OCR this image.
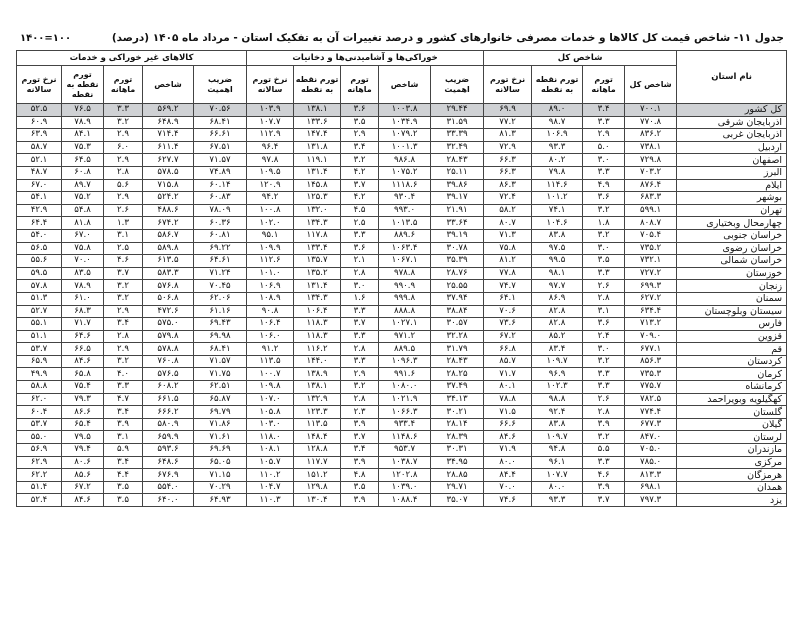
جدول ۱۱- شاخص قیمت کل کالاها و خدمات مصرفی خانوارهای کشور و درصد تغییرات آن به تفکیک استان - مرداد ماه ۱۴۰۵ (درصد)
۱۴۰۰=۱۰۰
نام استان	شاخص کل				خوراکی‌ها و آشامیدنی‌ها و دخانیات					کالاهای غیر خوراکی و خدمات				
	شاخص کل	تورم ماهانه	تورم نقطه به نقطه	نرخ تورم سالانه	ضریب اهمیت	شاخص	تورم ماهانه	تورم نقطه به نقطه	نرخ تورم سالانه	ضریب اهمیت	شاخص	تورم ماهانه	تورم نقطه به نقطه	نرخ تورم سالانه
کل کشور	۷۰۰.۱	۳.۴	۸۹.۰	۶۹.۹	۲۹.۴۴	۱۰۰۳.۸	۳.۶	۱۳۸.۱	۱۰۳.۹	۷۰.۵۶	۵۶۹.۲	۳.۳	۷۶.۵	۵۲.۵
آذربایجان شرقی	۷۷۰.۸	۳.۳	۹۸.۷	۷۷.۲	۳۱.۵۹	۱۰۳۴.۹	۳.۵	۱۳۳.۶	۱۰۷.۷	۶۸.۴۱	۶۴۸.۹	۳.۲	۷۸.۹	۶۰.۹
آذربایجان غربی	۸۳۶.۲	۲.۹	۱۰۶.۹	۸۱.۳	۳۳.۳۹	۱۰۷۹.۲	۲.۹	۱۴۷.۴	۱۱۲.۹	۶۶.۶۱	۷۱۴.۴	۲.۹	۸۴.۱	۶۳.۹
اردبیل	۷۳۸.۱	۵.۰	۹۳.۳	۷۲.۹	۳۲.۴۹	۱۰۰۱.۳	۳.۴	۱۳۱.۸	۹۶.۴	۶۷.۵۱	۶۱۱.۴	۶.۰	۷۵.۳	۵۸.۷
اصفهان	۷۲۹.۸	۳.۰	۸۰.۲	۶۶.۳	۲۸.۴۳	۹۸۶.۸	۳.۲	۱۱۹.۱	۹۷.۸	۷۱.۵۷	۶۲۷.۷	۲.۹	۶۴.۵	۵۲.۱
البرز	۷۰۳.۲	۳.۳	۷۹.۸	۶۶.۳	۲۵.۱۱	۱۰۷۵.۲	۴.۲	۱۳۱.۴	۱۰۹.۵	۷۴.۸۹	۵۷۸.۵	۲.۸	۶۰.۸	۴۸.۷
ایلام	۸۷۶.۴	۴.۹	۱۱۴.۶	۸۶.۳	۳۹.۸۶	۱۱۱۸.۶	۳.۷	۱۴۵.۸	۱۲۰.۹	۶۰.۱۴	۷۱۵.۸	۵.۶	۸۹.۷	۶۷.۰
بوشهر	۶۸۳.۳	۳.۶	۱۰۱.۲	۷۲.۴	۳۹.۱۷	۹۳۰.۴	۴.۲	۱۲۵.۳	۹۴.۲	۶۰.۸۳	۵۲۴.۲	۲.۹	۷۵.۲	۵۴.۱
تهران	۵۹۹.۱	۳.۲	۷۴.۱	۵۸.۲	۲۱.۹۱	۹۹۳.۰	۴.۵	۱۳۲.۰	۱۰۰.۸	۷۸.۰۹	۴۸۸.۶	۲.۶	۵۴.۸	۴۲.۹
چهارمحال وبختیاری	۸۰۸.۷	۱.۸	۱۰۴.۶	۸۰.۷	۳۳.۶۴	۱۰۱۳.۵	۲.۵	۱۳۴.۳	۱۰۲.۰	۶۰.۳۶	۶۷۴.۲	۱.۳	۸۱.۸	۶۴.۴
خراسان جنوبی	۷۰۵.۴	۳.۲	۸۳.۸	۷۱.۳	۳۹.۱۹	۸۸۹.۶	۳.۳	۱۱۷.۸	۹۵.۱	۶۰.۸۱	۵۸۶.۷	۳.۱	۶۷.۰	۵۴.۰
خراسان رضوی	۷۳۵.۲	۳.۰	۹۷.۵	۷۵.۸	۳۰.۷۸	۱۰۶۳.۴	۳.۶	۱۳۳.۴	۱۰۹.۹	۶۹.۲۲	۵۸۹.۸	۲.۵	۷۵.۸	۵۶.۵
خراسان شمالی	۷۳۲.۱	۳.۵	۹۹.۵	۸۱.۲	۳۵.۳۹	۱۰۶۷.۱	۲.۱	۱۳۵.۷	۱۱۲.۶	۶۴.۶۱	۶۱۳.۵	۴.۶	۷۰.۰	۵۵.۶
خوزستان	۷۲۷.۲	۳.۳	۹۸.۱	۷۷.۸	۲۸.۷۶	۹۷۸.۸	۲.۸	۱۳۵.۲	۱۰۱.۰	۷۱.۲۴	۵۸۳.۳	۳.۷	۸۳.۵	۵۹.۵
زنجان	۶۹۹.۳	۲.۶	۹۷.۷	۷۴.۷	۲۵.۵۵	۹۹۰.۹	۳.۰	۱۳۱.۴	۱۰۶.۹	۷۰.۴۵	۵۷۶.۸	۳.۲	۷۸.۹	۵۷.۸
سمنان	۶۲۷.۲	۲.۸	۸۶.۹	۶۴.۱	۳۷.۹۴	۹۹۹.۸	۱.۶	۱۳۴.۳	۱۰۸.۹	۶۲.۰۶	۵۰۶.۸	۳.۲	۶۱.۰	۵۱.۳
سیستان وبلوچستان	۶۳۴.۴	۳.۱	۸۲.۸	۷۰.۶	۳۸.۸۴	۸۸۸.۸	۳.۳	۱۰۶.۴	۹۰.۸	۶۱.۱۶	۴۷۲.۶	۲.۹	۶۸.۳	۵۲.۷
فارس	۷۱۳.۲	۳.۶	۸۲.۸	۷۳.۶	۳۰.۵۷	۱۰۲۷.۱	۳.۷	۱۱۸.۳	۱۰۶.۴	۶۹.۴۳	۵۷۵.۰	۳.۴	۷۱.۷	۵۵.۱
قزوین	۷۰۹.۰	۲.۴	۸۵.۲	۶۷.۲	۳۲.۲۸	۹۷۱.۲	۳.۳	۱۱۸.۳	۱۰۶.۰	۶۹.۹۸	۵۷۹.۸	۲.۸	۶۴.۶	۵۱.۱
قم	۶۷۷.۱	۳.۰	۸۳.۴	۶۶.۸	۳۱.۷۹	۸۸۹.۵	۲.۸	۱۱۶.۲	۹۱.۲	۶۸.۴۱	۵۷۸.۸	۲.۹	۶۶.۵	۵۳.۷
کردستان	۸۵۶.۳	۳.۲	۱۰۹.۷	۸۵.۷	۲۸.۴۳	۱۰۹۶.۳	۳.۳	۱۴۴.۰	۱۱۳.۵	۷۱.۵۷	۷۶۰.۸	۳.۲	۸۴.۶	۶۵.۹
کرمان	۷۳۵.۳	۳.۳	۹۶.۹	۷۱.۷	۲۸.۲۵	۹۹۱.۶	۲.۹	۱۳۸.۹	۱۰۰.۷	۷۱.۷۵	۵۷۶.۵	۴.۰	۶۵.۸	۴۹.۹
کرمانشاه	۷۷۵.۷	۳.۳	۱۰۲.۳	۸۰.۱	۳۷.۴۹	۱۰۸۰.۰	۳.۲	۱۳۸.۱	۱۰۹.۸	۶۲.۵۱	۶۰۸.۲	۳.۳	۷۵.۴	۵۸.۸
کهگیلویه وبویراحمد	۷۸۲.۵	۲.۶	۹۸.۸	۷۸.۸	۳۴.۱۳	۱۰۲۱.۹	۲.۸	۱۳۲.۹	۱۰۷.۰	۶۵.۸۷	۶۶۱.۵	۴.۷	۷۹.۳	۶۲.۰
گلستان	۷۷۴.۴	۲.۸	۹۲.۴	۷۱.۵	۳۰.۲۱	۱۰۶۶.۳	۲.۳	۱۲۳.۳	۱۰۵.۸	۶۹.۷۹	۶۶۶.۲	۳.۴	۸۶.۶	۶۰.۴
گیلان	۶۷۷.۳	۳.۹	۸۳.۸	۶۶.۶	۲۸.۱۴	۹۳۳.۴	۳.۹	۱۱۳.۵	۱۰۳.۰	۷۱.۸۶	۵۸۰.۹	۳.۹	۶۵.۴	۵۳.۷
لرستان	۸۴۷.۰	۳.۲	۱۰۹.۷	۸۴.۶	۲۸.۳۹	۱۱۴۸.۶	۳.۷	۱۴۸.۴	۱۱۸.۰	۷۱.۶۱	۶۵۹.۹	۳.۱	۷۹.۵	۵۵.۰
مازندران	۷۰۵.۰	۵.۵	۹۴.۸	۷۱.۹	۳۰.۳۱	۹۵۳.۷	۳.۴	۱۲۸.۸	۱۰۸.۱	۶۹.۶۹	۵۹۳.۶	۵.۹	۷۹.۴	۵۶.۹
مرکزی	۷۸۵.۰	۳.۳	۹۶.۱	۸۰.۰	۳۴.۹۵	۱۰۳۸.۷	۳.۹	۱۱۷.۷	۱۰۵.۷	۶۵.۰۵	۶۴۸.۶	۳.۴	۸۰.۶	۶۲.۹
هرمزگان	۸۱۳.۳	۴.۶	۱۰۷.۷	۸۴.۴	۲۸.۸۵	۱۲۰۲.۸	۴.۸	۱۵۱.۲	۱۱۰.۲	۷۱.۱۵	۶۷۶.۹	۴.۴	۸۵.۶	۶۲.۲
همدان	۶۹۸.۱	۳.۹	۸۰.۰	۷۰.۰	۲۹.۷۱	۱۰۳۹.۰	۳.۵	۱۲۹.۸	۱۰۴.۷	۷۰.۲۹	۵۵۴.۰	۳.۵	۶۷.۲	۵۱.۴
یزد	۷۹۷.۳	۳.۷	۹۳.۳	۷۴.۶	۳۵.۰۷	۱۰۸۸.۴	۳.۹	۱۳۰.۴	۱۱۰.۳	۶۴.۹۳	۶۴۰.۰	۳.۵	۸۴.۶	۵۲.۴
